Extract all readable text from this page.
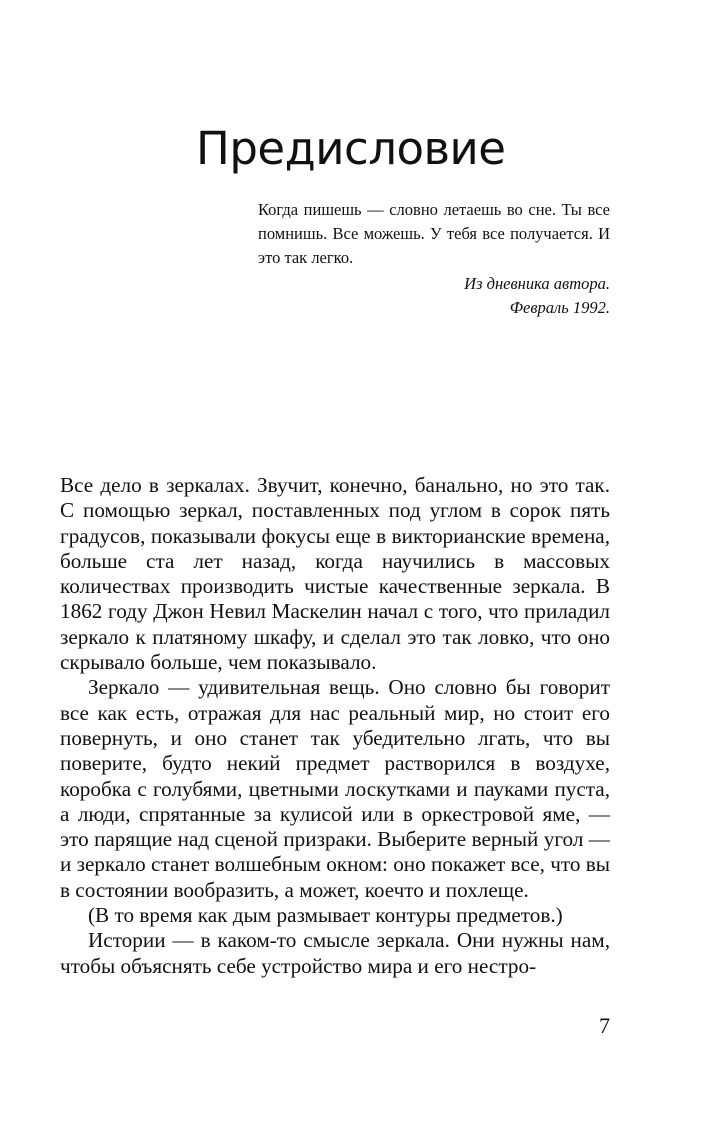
Предисловие

Когда пишешь — словно летаешь во сне. Ты все помнишь. Все можешь. У тебя все получается. И это так легко.

Из дневника автора.

Февраль 1992.

Все дело в зеркалах. Звучит, конечно, банально, но это так. С помощью зеркал, поставленных под углом в сорок пять градусов, показывали фокусы еще в викторианские времена, больше ста лет назад, когда научились в массовых количествах производить чистые качественные зеркала. В 1862 году Джон Невил Маскелин начал с того, что приладил зеркало к платяному шкафу, и сделал это так ловко, что оно скрывало больше, чем показывало.

Зеркало — удивительная вещь. Оно словно бы говорит все как есть, отражая для нас реальный мир, но стоит его повернуть, и оно станет так убедительно лгать, что вы поверите, будто некий предмет растворился в воздухе, коробка с голубями, цветными лоскутками и пауками пуста, а люди, спрятанные за кулисой или в оркестровой яме, — это парящие над сценой призраки. Выберите верный угол — и зеркало станет волшебным окном: оно покажет все, что вы в состоянии вообразить, а может, коечто и похлеще.

(В то время как дым размывает контуры предметов.)

Истории — в каком-то смысле зеркала. Они нужны нам, чтобы объяснять себе устройство мира и его нестро-

7
